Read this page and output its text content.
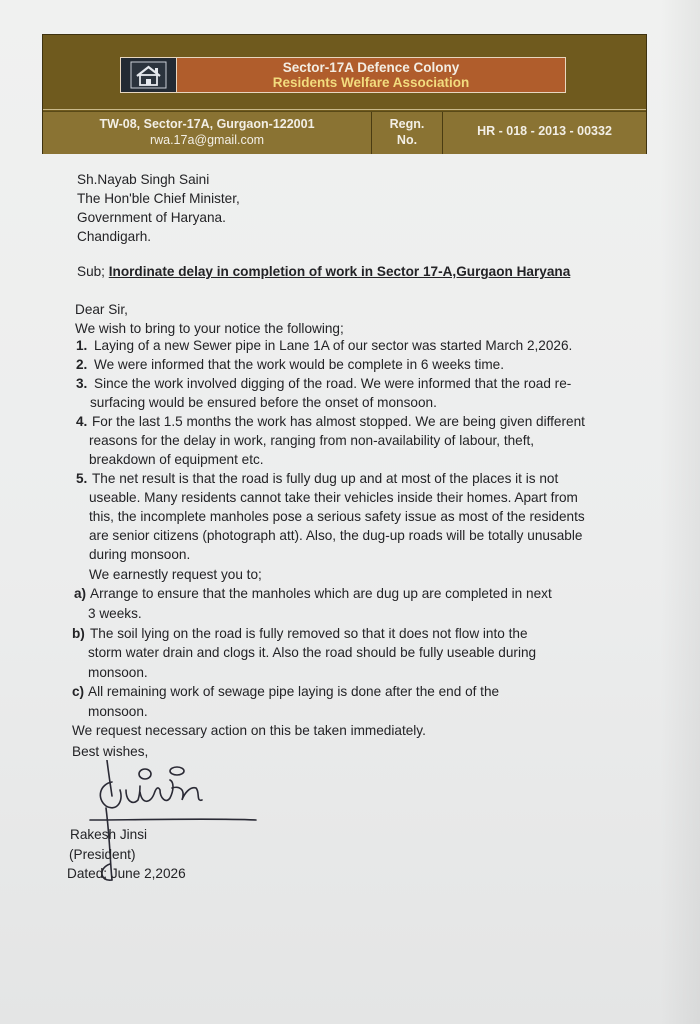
Sector-17A Defence Colony
Residents Welfare Association
TW-08, Sector-17A, Gurgaon-122001
rwa.17a@gmail.com
Regn.
No.
HR - 018 - 2013 - 00332
Sh.Nayab Singh Saini
The Hon'ble Chief Minister,
Government of Haryana.
Chandigarh.
Sub; Inordinate delay in completion of work in Sector 17-A,Gurgaon Haryana
Dear Sir,
We wish to bring to your notice the following;
1. Laying of a new Sewer pipe in Lane 1A of our sector was started March 2,2026.
2. We were informed that the work would be complete in 6 weeks time.
3. Since the work involved digging of the road. We were informed that the road re-
surfacing would be ensured before the onset of monsoon.
4. For the last 1.5 months the work has almost stopped. We are being given different
reasons for the delay in work, ranging from non-availability of labour, theft,
breakdown of equipment etc.
5. The net result is that the road is fully dug up and at most of the places it is not
useable. Many residents cannot take their vehicles inside their homes. Apart from
this, the incomplete manholes pose a serious safety issue as most of the residents
are senior citizens (photograph att). Also, the dug-up roads will be totally unusable
during monsoon.
We earnestly request you to;
a) Arrange to ensure that the manholes which are dug up are completed in next
3 weeks.
b) The soil lying on the road is fully removed so that it does not flow into the
storm water drain and clogs it. Also the road should be fully useable during
monsoon.
c) All remaining work of sewage pipe laying is done after the end of the
monsoon.
We request necessary action on this be taken immediately.
Best wishes,
Rakesh Jinsi
(President)
Dated; June 2,2026
